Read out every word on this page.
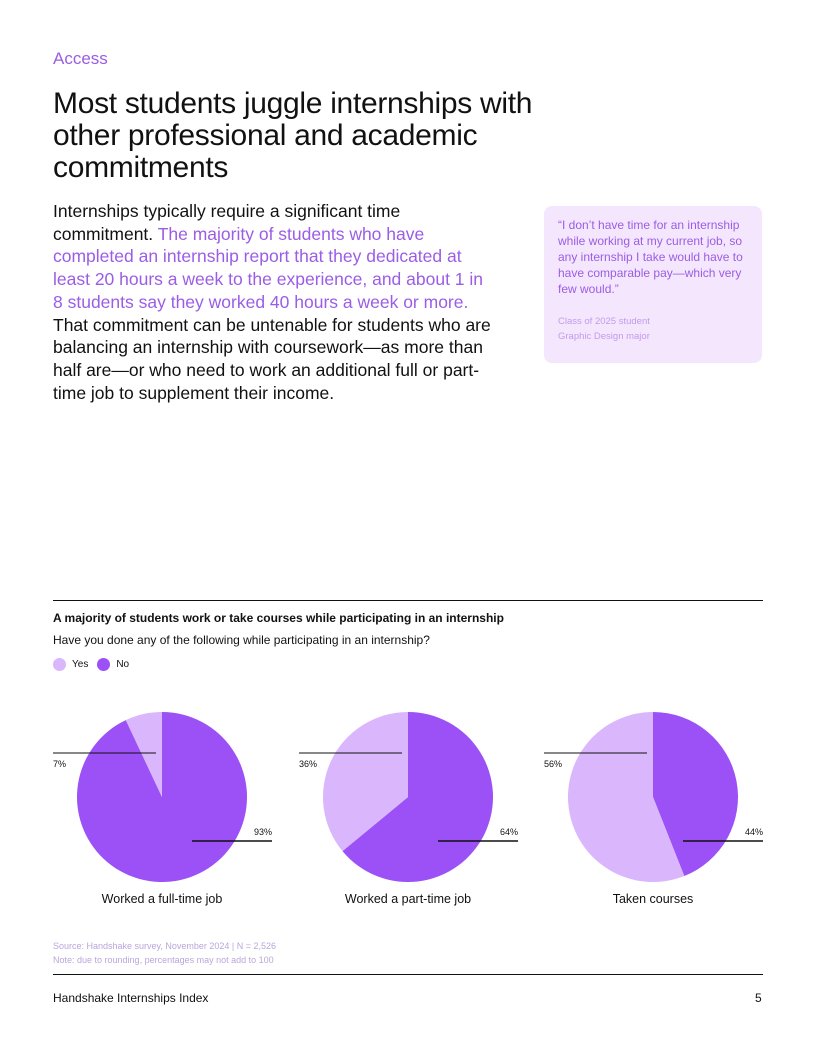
Access
Most students juggle internships with other professional and academic commitments

Internships typically require a significant time commitment. The majority of students who have completed an internship report that they dedicated at least 20 hours a week to the experience, and about 1 in 8 students say they worked 40 hours a week or more. That commitment can be untenable for students who are balancing an internship with coursework—as more than half are—or who need to work an additional full or part-time job to supplement their income.

“I don’t have time for an internship while working at my current job, so any internship I take would have to have comparable pay—which very few would.”

Class of 2025 student
Graphic Design major
A majority of students work or take courses while participating in an internship
Have you done any of the following while participating in an internship?
Yes	No
7%
93%
Worked a full-time job
36%
64%
Worked a part-time job
56%
44%
Taken courses
Source: Handshake survey, November 2024 | N = 2,526
Note: due to rounding, percentages may not add to 100
Handshake Internships Index	5
